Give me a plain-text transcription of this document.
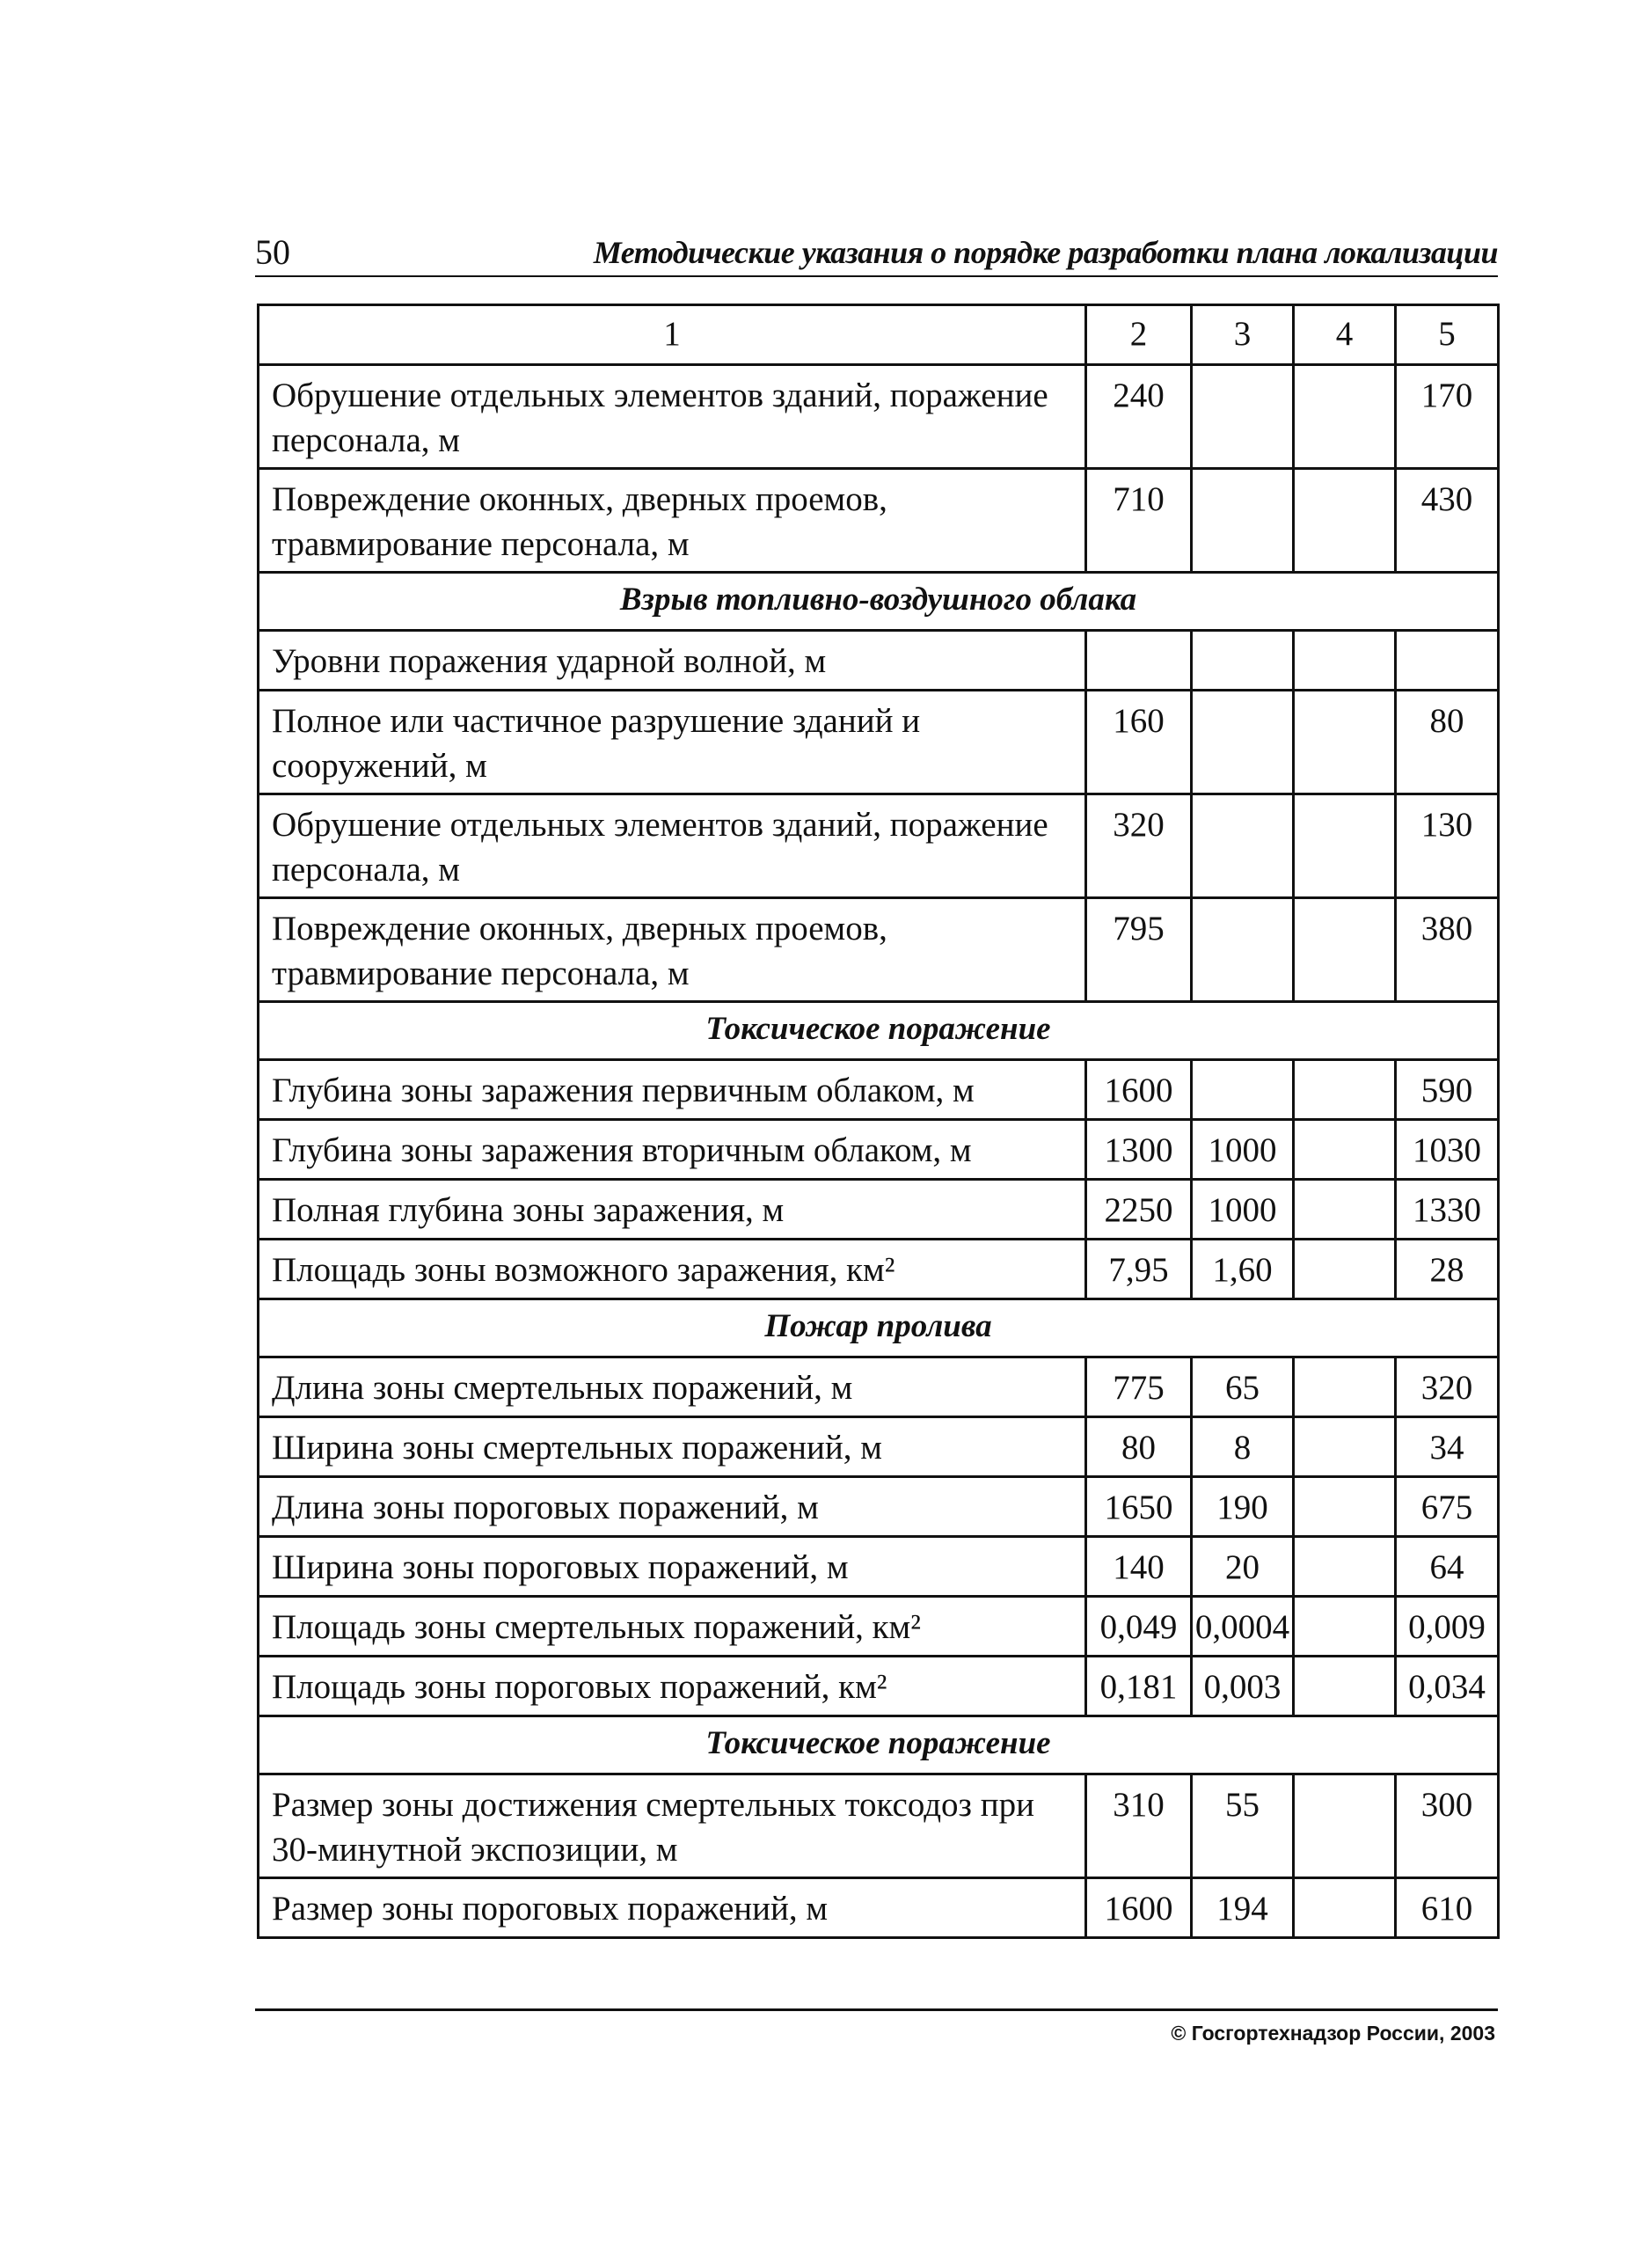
50	Методические указания о порядке разработки плана локализации
1	2	3	4	5
Обрушение отдельных элементов зданий, поражение персонала, м	240			170
Повреждение оконных, дверных проемов, травмирование персонала, м	710			430
Взрыв топливно-воздушного облака				
Уровни поражения ударной волной, м				
Полное или частичное разрушение зданий и сооружений, м	160			80
Обрушение отдельных элементов зданий, поражение персонала, м	320			130
Повреждение оконных, дверных проемов, травмирование персонала, м	795			380
Токсическое поражение				
Глубина зоны заражения первичным облаком, м	1600			590
Глубина зоны заражения вторичным облаком, м	1300	1000		1030
Полная глубина зоны заражения, м	2250	1000		1330
Площадь зоны возможного заражения, км²	7,95	1,60		28
Пожар пролива				
Длина зоны смертельных поражений, м	775	65		320
Ширина зоны смертельных поражений, м	80	8		34
Длина зоны пороговых поражений, м	1650	190		675
Ширина зоны пороговых поражений, м	140	20		64
Площадь зоны смертельных поражений, км²	0,049	0,0004		0,009
Площадь зоны пороговых поражений, км²	0,181	0,003		0,034
Токсическое поражение				
Размер зоны достижения смертельных токсодоз при 30-минутной экспозиции, м	310	55		300
Размер зоны пороговых поражений, м	1600	194		610
© Госгортехнадзор России, 2003
